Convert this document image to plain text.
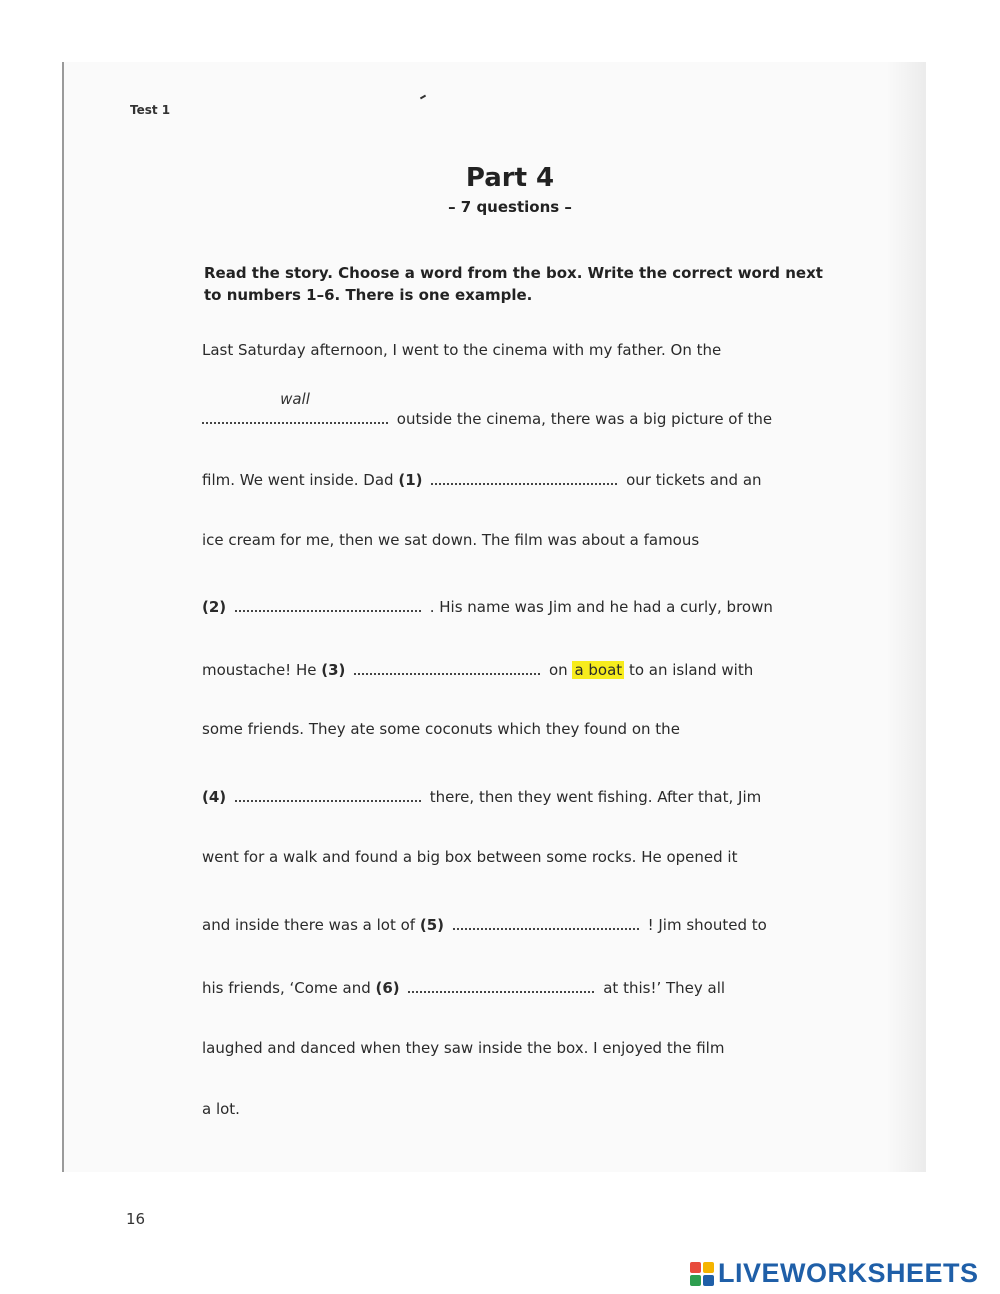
Test 1
Part 4
– 7 questions –
Read the story. Choose a word from the box. Write the correct word next to numbers 1–6. There is one example.
Last Saturday afternoon, I went to the cinema with my father. On the
wall
outside the cinema, there was a big picture of the
film. We went inside. Dad (1)	our tickets and an
ice cream for me, then we sat down. The film was about a famous
(2)	. His name was Jim and he had a curly, brown
moustache! He (3)	on a boat to an island with
some friends. They ate some coconuts which they found on the
(4)	there, then they went fishing. After that, Jim
went for a walk and found a big box between some rocks. He opened it
and inside there was a lot of (5)	! Jim shouted to
his friends, ‘Come and (6)	at this!’ They all
laughed and danced when they saw inside the box. I enjoyed the film
a lot.
16
LIVEWORKSHEETS
